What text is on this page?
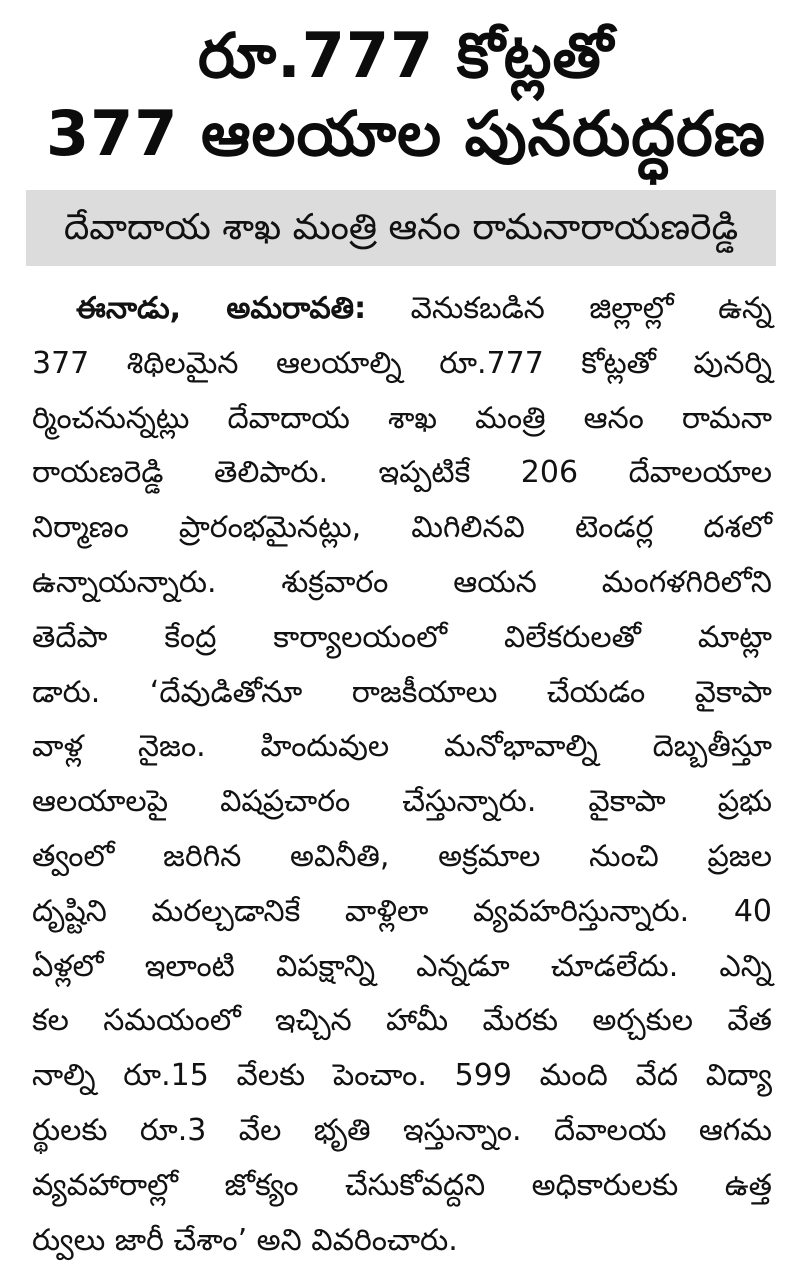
రూ.777 కోట్లతో
377 ఆలయాల పునరుద్ధరణ
దేవాదాయ శాఖ మంత్రి ఆనం రామనారాయణరెడ్డి
ఈనాడు, అమరావతి: వెనుకబడిన జిల్లాల్లో ఉన్న
377 శిథిలమైన ఆలయాల్ని రూ.777 కోట్లతో పునర్ని
ర్మించనున్నట్లు దేవాదాయ శాఖ మంత్రి ఆనం రామనా
రాయణరెడ్డి తెలిపారు. ఇప్పటికే 206 దేవాలయాల
నిర్మాణం ప్రారంభమైనట్లు, మిగిలినవి టెండర్ల దశలో
ఉన్నాయన్నారు. శుక్రవారం ఆయన మంగళగిరిలోని
తెదేపా కేంద్ర కార్యాలయంలో విలేకరులతో మాట్లా
డారు. ‘దేవుడితోనూ రాజకీయాలు చేయడం వైకాపా
వాళ్ల నైజం. హిందువుల మనోభావాల్ని దెబ్బతీస్తూ
ఆలయాలపై విషప్రచారం చేస్తున్నారు. వైకాపా ప్రభు
త్వంలో జరిగిన అవినీతి, అక్రమాల నుంచి ప్రజల
దృష్టిని మరల్చడానికే వాళ్లిలా వ్యవహరిస్తున్నారు. 40
ఏళ్లలో ఇలాంటి విపక్షాన్ని ఎన్నడూ చూడలేదు. ఎన్ని
కల సమయంలో ఇచ్చిన హామీ మేరకు అర్చకుల వేత
నాల్ని రూ.15 వేలకు పెంచాం. 599 మంది వేద విద్యా
ర్థులకు రూ.3 వేల భృతి ఇస్తున్నాం. దేవాలయ ఆగమ
వ్యవహారాల్లో జోక్యం చేసుకోవద్దని అధికారులకు ఉత్త
ర్వులు జారీ చేశాం’ అని వివరించారు.
